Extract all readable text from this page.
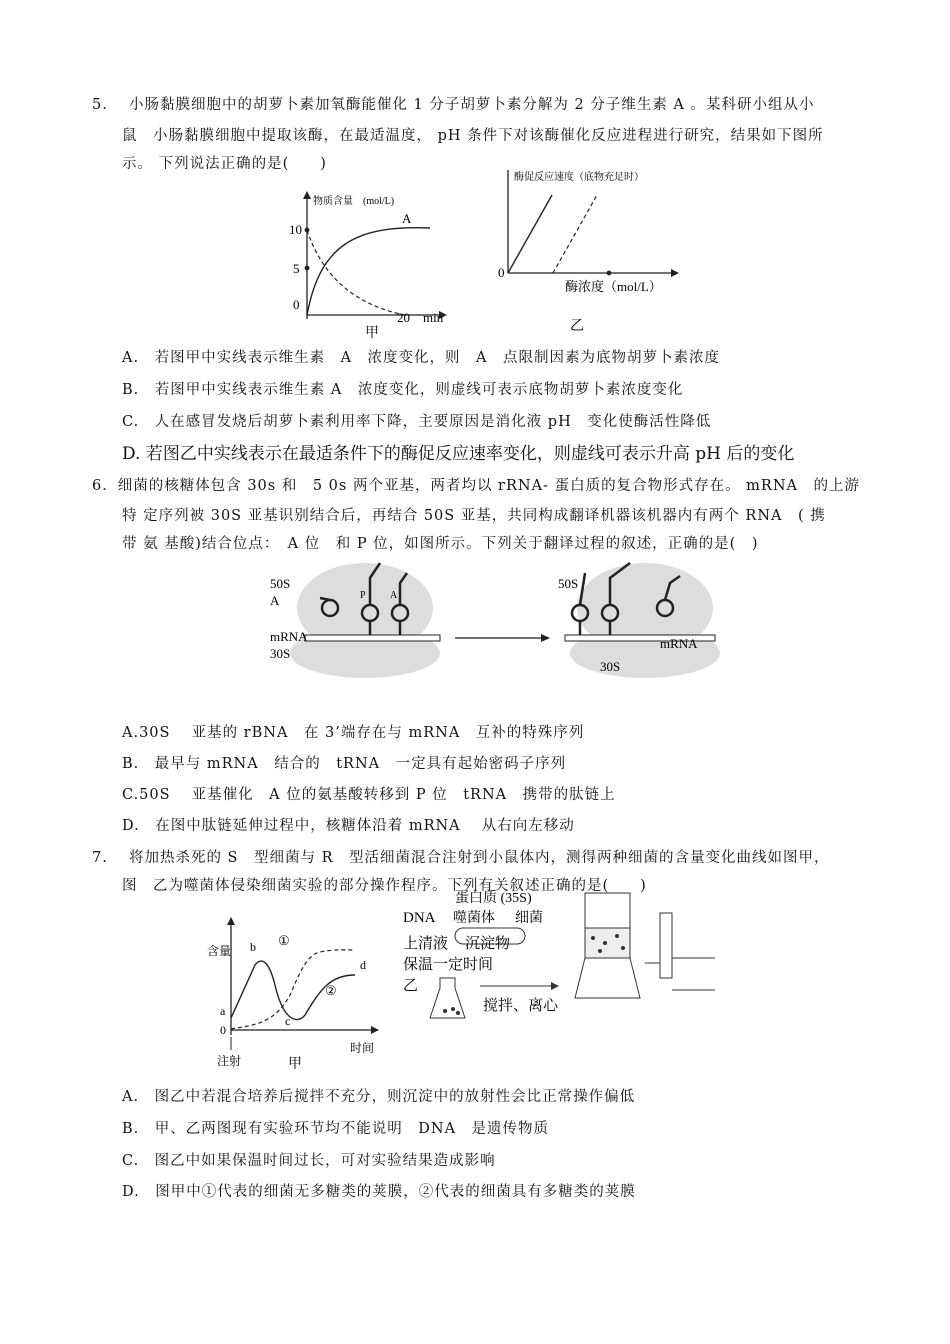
5.　 小肠黏膜细胞中的胡萝卜素加氧酶能催化 1 分子胡萝卜素分解为 2 分子维生素 A 。某科研小组从小
鼠　小肠黏膜细胞中提取该酶，在最适温度， pH 条件下对该酶催化反应进程进行研究，结果如下图所
示。 下列说法正确的是(　　)
物质含量　(mol/L)
A
10
5
0
20 min
甲
酶促反应速度（底物充足时）
0
酶浓度（mol/L）
乙
A.　若图甲中实线表示维生素　A　浓度变化，则　A　点限制因素为底物胡萝卜素浓度
B.　若图甲中实线表示维生素 A　浓度变化，则虚线可表示底物胡萝卜素浓度变化
C.　人在感冒发烧后胡萝卜素利用率下降，主要原因是消化液 pH　变化使酶活性降低
D. 若图乙中实线表示在最适条件下的酶促反应速率变化，则虚线可表示升高 pH 后的变化
6．细菌的核糖体包含 30s 和　5 0s 两个亚基，两者均以 rRNA- 蛋白质的复合物形式存在。 mRNA　的上游
特 定序列被 30S 亚基识别结合后，再结合 50S 亚基，共同构成翻译机器该机器内有两个 RNA　( 携
带 氨 基酸)结合位点：　A 位　和 P 位，如图所示。下列关于翻译过程的叙述，正确的是(　)
50S
A	P A
mRNA
30S
50S
mRNA
30S
A.30S　 亚基的 rBNA　在 3’端存在与 mRNA　互补的特殊序列
B.　最早与 mRNA　结合的　tRNA　一定具有起始密码子序列
C.50S　 亚基催化　A 位的氨基酸转移到 P 位　tRNA　携带的肽链上
D.　在图中肽链延伸过程中，核糖体沿着 mRNA　 从右向左移动
7.　 将加热杀死的 S　型细菌与 R　型活细菌混合注射到小鼠体内，测得两种细菌的含量变化曲线如图甲，
图　乙为噬菌体侵染细菌实验的部分操作程序。下列有关叙述正确的是(　　)
含量
a
b
c
d
①
②
0
注射
时间
甲
蛋白质 (35S)
DNA 噬菌体 细菌
上清液 沉淀物
保温一定时间
乙
搅拌、离心
A.　图乙中若混合培养后搅拌不充分，则沉淀中的放射性会比正常操作偏低
B.　甲、乙两图现有实验环节均不能说明　DNA　是遗传物质
C.　图乙中如果保温时间过长，可对实验结果造成影响
D.　图甲中①代表的细菌无多糖类的荚膜，②代表的细菌具有多糖类的荚膜
